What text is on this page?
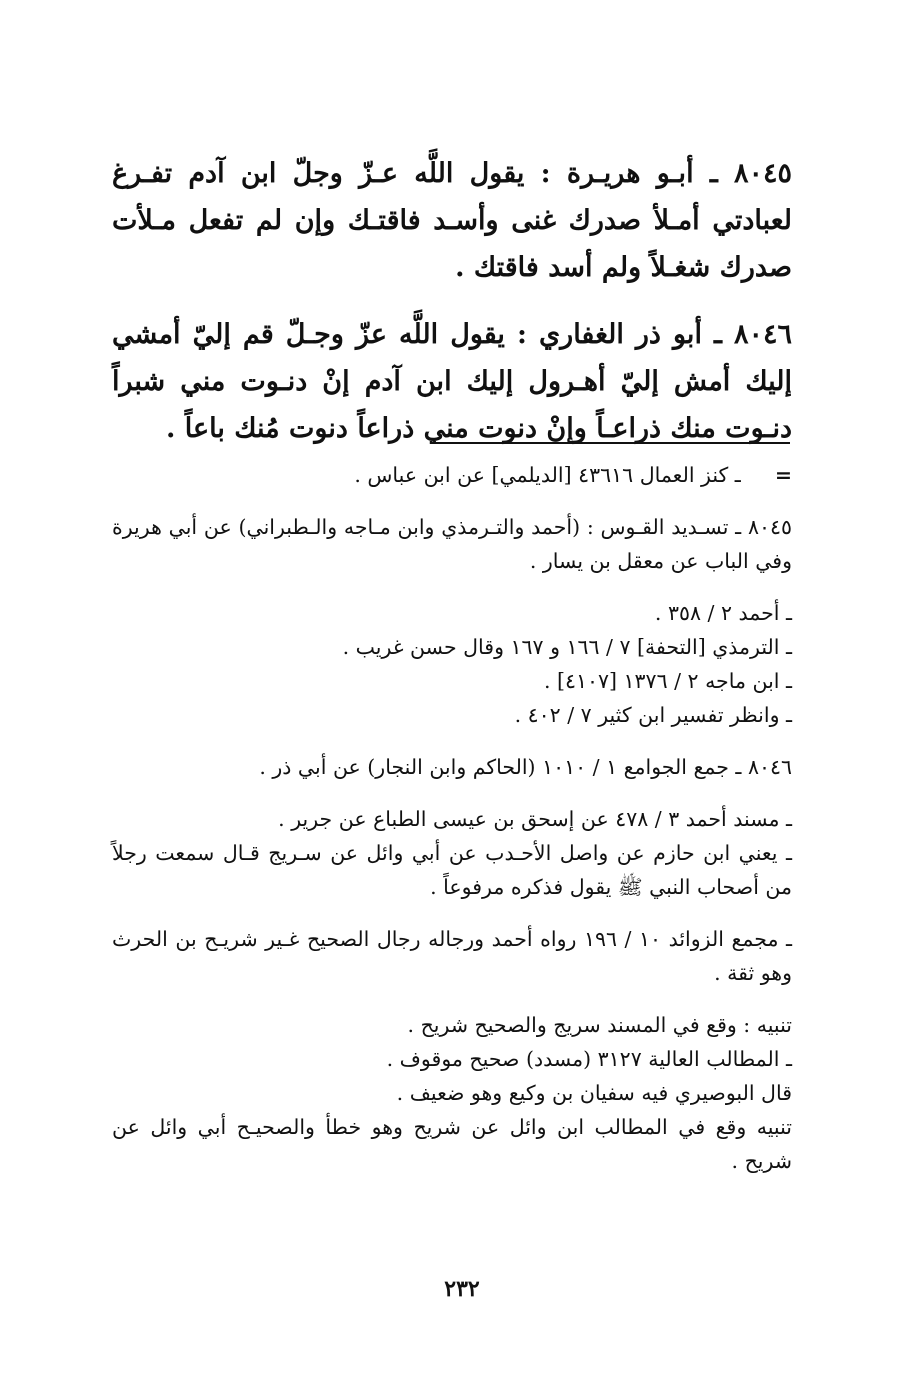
٨٠٤٥ ـ أبـو هريـرة : يقول اللَّه عـزّ وجلّ ابن آدم تفـرغ لعبادتي أمـلأ صدرك غنى وأسـد فاقتـك وإن لم تفعل مـلأت صدرك شغـلاً ولم أسد فاقتك .

٨٠٤٦ ـ أبو ذر الغفاري : يقول اللَّه عزّ وجـلّ قم إليّ أمشي إليك أمش إليّ أهـرول إليك ابن آدم إنْ دنـوت مني شبراً دنـوت منك ذراعـاً وإنْ دنوت مني ذراعاً دنوت مُنك باعاً .

=ـ كنز العمال ٤٣٦١٦ [الديلمي] عن ابن عباس .

٨٠٤٥ ـ تسـديد القـوس : (أحمد والتـرمذي وابن مـاجه والـطبراني) عن أبي هريرة وفي الباب عن معقل بن يسار .

ـ أحمد ٢ / ٣٥٨ .

ـ الترمذي [التحفة] ٧ / ١٦٦ و ١٦٧ وقال حسن غريب .

ـ ابن ماجه ٢ / ١٣٧٦ [٤١٠٧] .

ـ وانظر تفسير ابن كثير ٧ / ٤٠٢ .

٨٠٤٦ ـ جمع الجوامع ١ / ١٠١٠ (الحاكم وابن النجار) عن أبي ذر .

ـ مسند أحمد ٣ / ٤٧٨ عن إسحق بن عيسى الطباع عن جرير .

ـ يعني ابن حازم عن واصل الأحـدب عن أبي وائل عن سـريج قـال سمعت رجلاً من أصحاب النبي ﷺ يقول فذكره مرفوعاً .

ـ مجمع الزوائد ١٠ / ١٩٦ رواه أحمد ورجاله رجال الصحيح غـير شريـح بن الحرث وهو ثقة .

تنبيه : وقع في المسند سريج والصحيح شريح .

ـ المطالب العالية ٣١٢٧ (مسدد) صحيح موقوف .

قال البوصيري فيه سفيان بن وكيع وهو ضعيف .

تنبيه وقع في المطالب ابن وائل عن شريح وهو خطأ والصحيـح أبي وائل عن شريح .

٢٣٢
